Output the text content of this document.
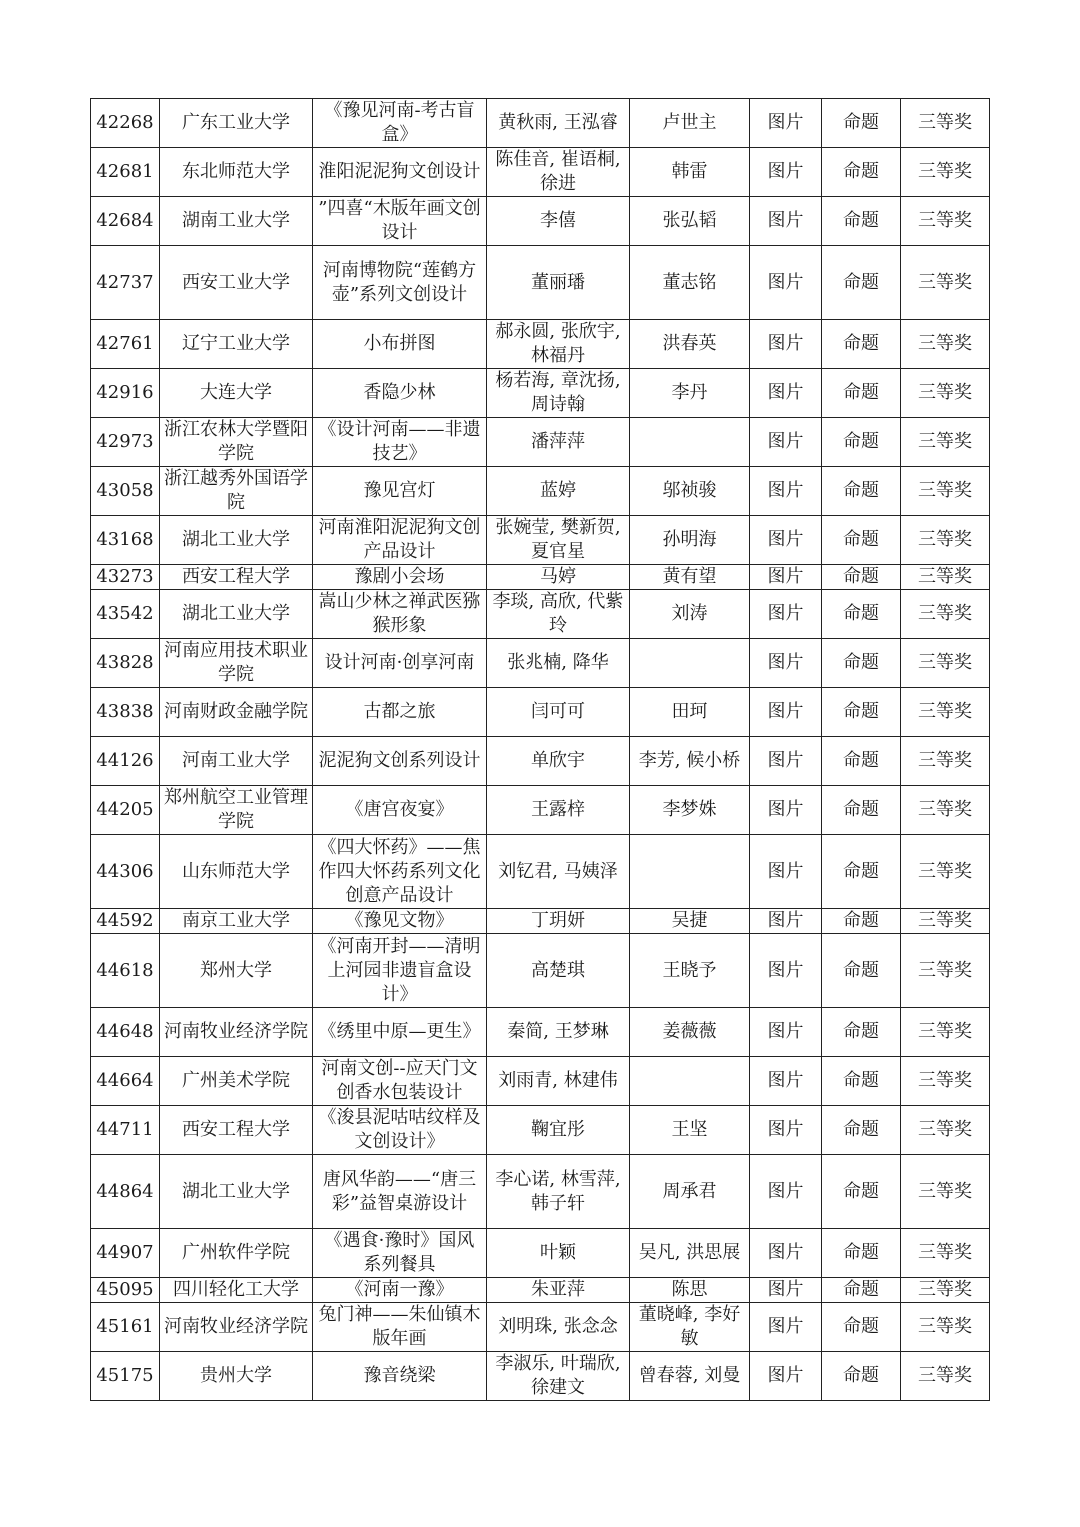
42268	广东工业大学	《豫见河南-考古盲盒》	黄秋雨, 王泓睿	卢世主	图片	命题	三等奖
42681	东北师范大学	淮阳泥泥狗文创设计	陈佳音, 崔语桐, 徐进	韩雷	图片	命题	三等奖
42684	湖南工业大学	”四喜“木版年画文创设计	李僖	张弘韬	图片	命题	三等奖
42737	西安工业大学	河南博物院“莲鹤方壶”系列文创设计	董丽璠	董志铭	图片	命题	三等奖
42761	辽宁工业大学	小布拼图	郝永圆, 张欣宇, 林福丹	洪春英	图片	命题	三等奖
42916	大连大学	香隐少林	杨若海, 章沈扬, 周诗翰	李丹	图片	命题	三等奖
42973	浙江农林大学暨阳学院	《设计河南——非遗技艺》	潘萍萍		图片	命题	三等奖
43058	浙江越秀外国语学院	豫见宫灯	蓝婷	邬祯骏	图片	命题	三等奖
43168	湖北工业大学	河南淮阳泥泥狗文创产品设计	张婉莹, 樊新贺, 夏官星	孙明海	图片	命题	三等奖
43273	西安工程大学	豫剧小会场	马婷	黄有望	图片	命题	三等奖
43542	湖北工业大学	嵩山少林之禅武医猕猴形象	李琰, 高欣, 代紫玲	刘涛	图片	命题	三等奖
43828	河南应用技术职业学院	设计河南·创享河南	张兆楠, 降华		图片	命题	三等奖
43838	河南财政金融学院	古都之旅	闫可可	田珂	图片	命题	三等奖
44126	河南工业大学	泥泥狗文创系列设计	单欣宇	李芳, 候小桥	图片	命题	三等奖
44205	郑州航空工业管理学院	《唐宫夜宴》	王露梓	李梦姝	图片	命题	三等奖
44306	山东师范大学	《四大怀药》——焦作四大怀药系列文化创意产品设计	刘钇君, 马姨泽		图片	命题	三等奖
44592	南京工业大学	《豫见文物》	丁玥妍	吴捷	图片	命题	三等奖
44618	郑州大学	《河南开封——清明上河园非遗盲盒设计》	高楚琪	王晓予	图片	命题	三等奖
44648	河南牧业经济学院	《绣里中原—更生》	秦简, 王梦琳	姜薇薇	图片	命题	三等奖
44664	广州美术学院	河南文创--应天门文创香水包装设计	刘雨青, 林建伟		图片	命题	三等奖
44711	西安工程大学	《浚县泥咕咕纹样及文创设计》	鞠宜彤	王坚	图片	命题	三等奖
44864	湖北工业大学	唐风华韵——“唐三彩”益智桌游设计	李心诺, 林雪萍, 韩子轩	周承君	图片	命题	三等奖
44907	广州软件学院	《遇食·豫时》国风系列餐具	叶颖	吴凡, 洪思展	图片	命题	三等奖
45095	四川轻化工大学	《河南一豫》	朱亚萍	陈思	图片	命题	三等奖
45161	河南牧业经济学院	兔门神——朱仙镇木版年画	刘明珠, 张念念	董晓峰, 李好敏	图片	命题	三等奖
45175	贵州大学	豫音绕梁	李淑乐, 叶瑞欣, 徐建文	曾春蓉, 刘曼	图片	命题	三等奖
